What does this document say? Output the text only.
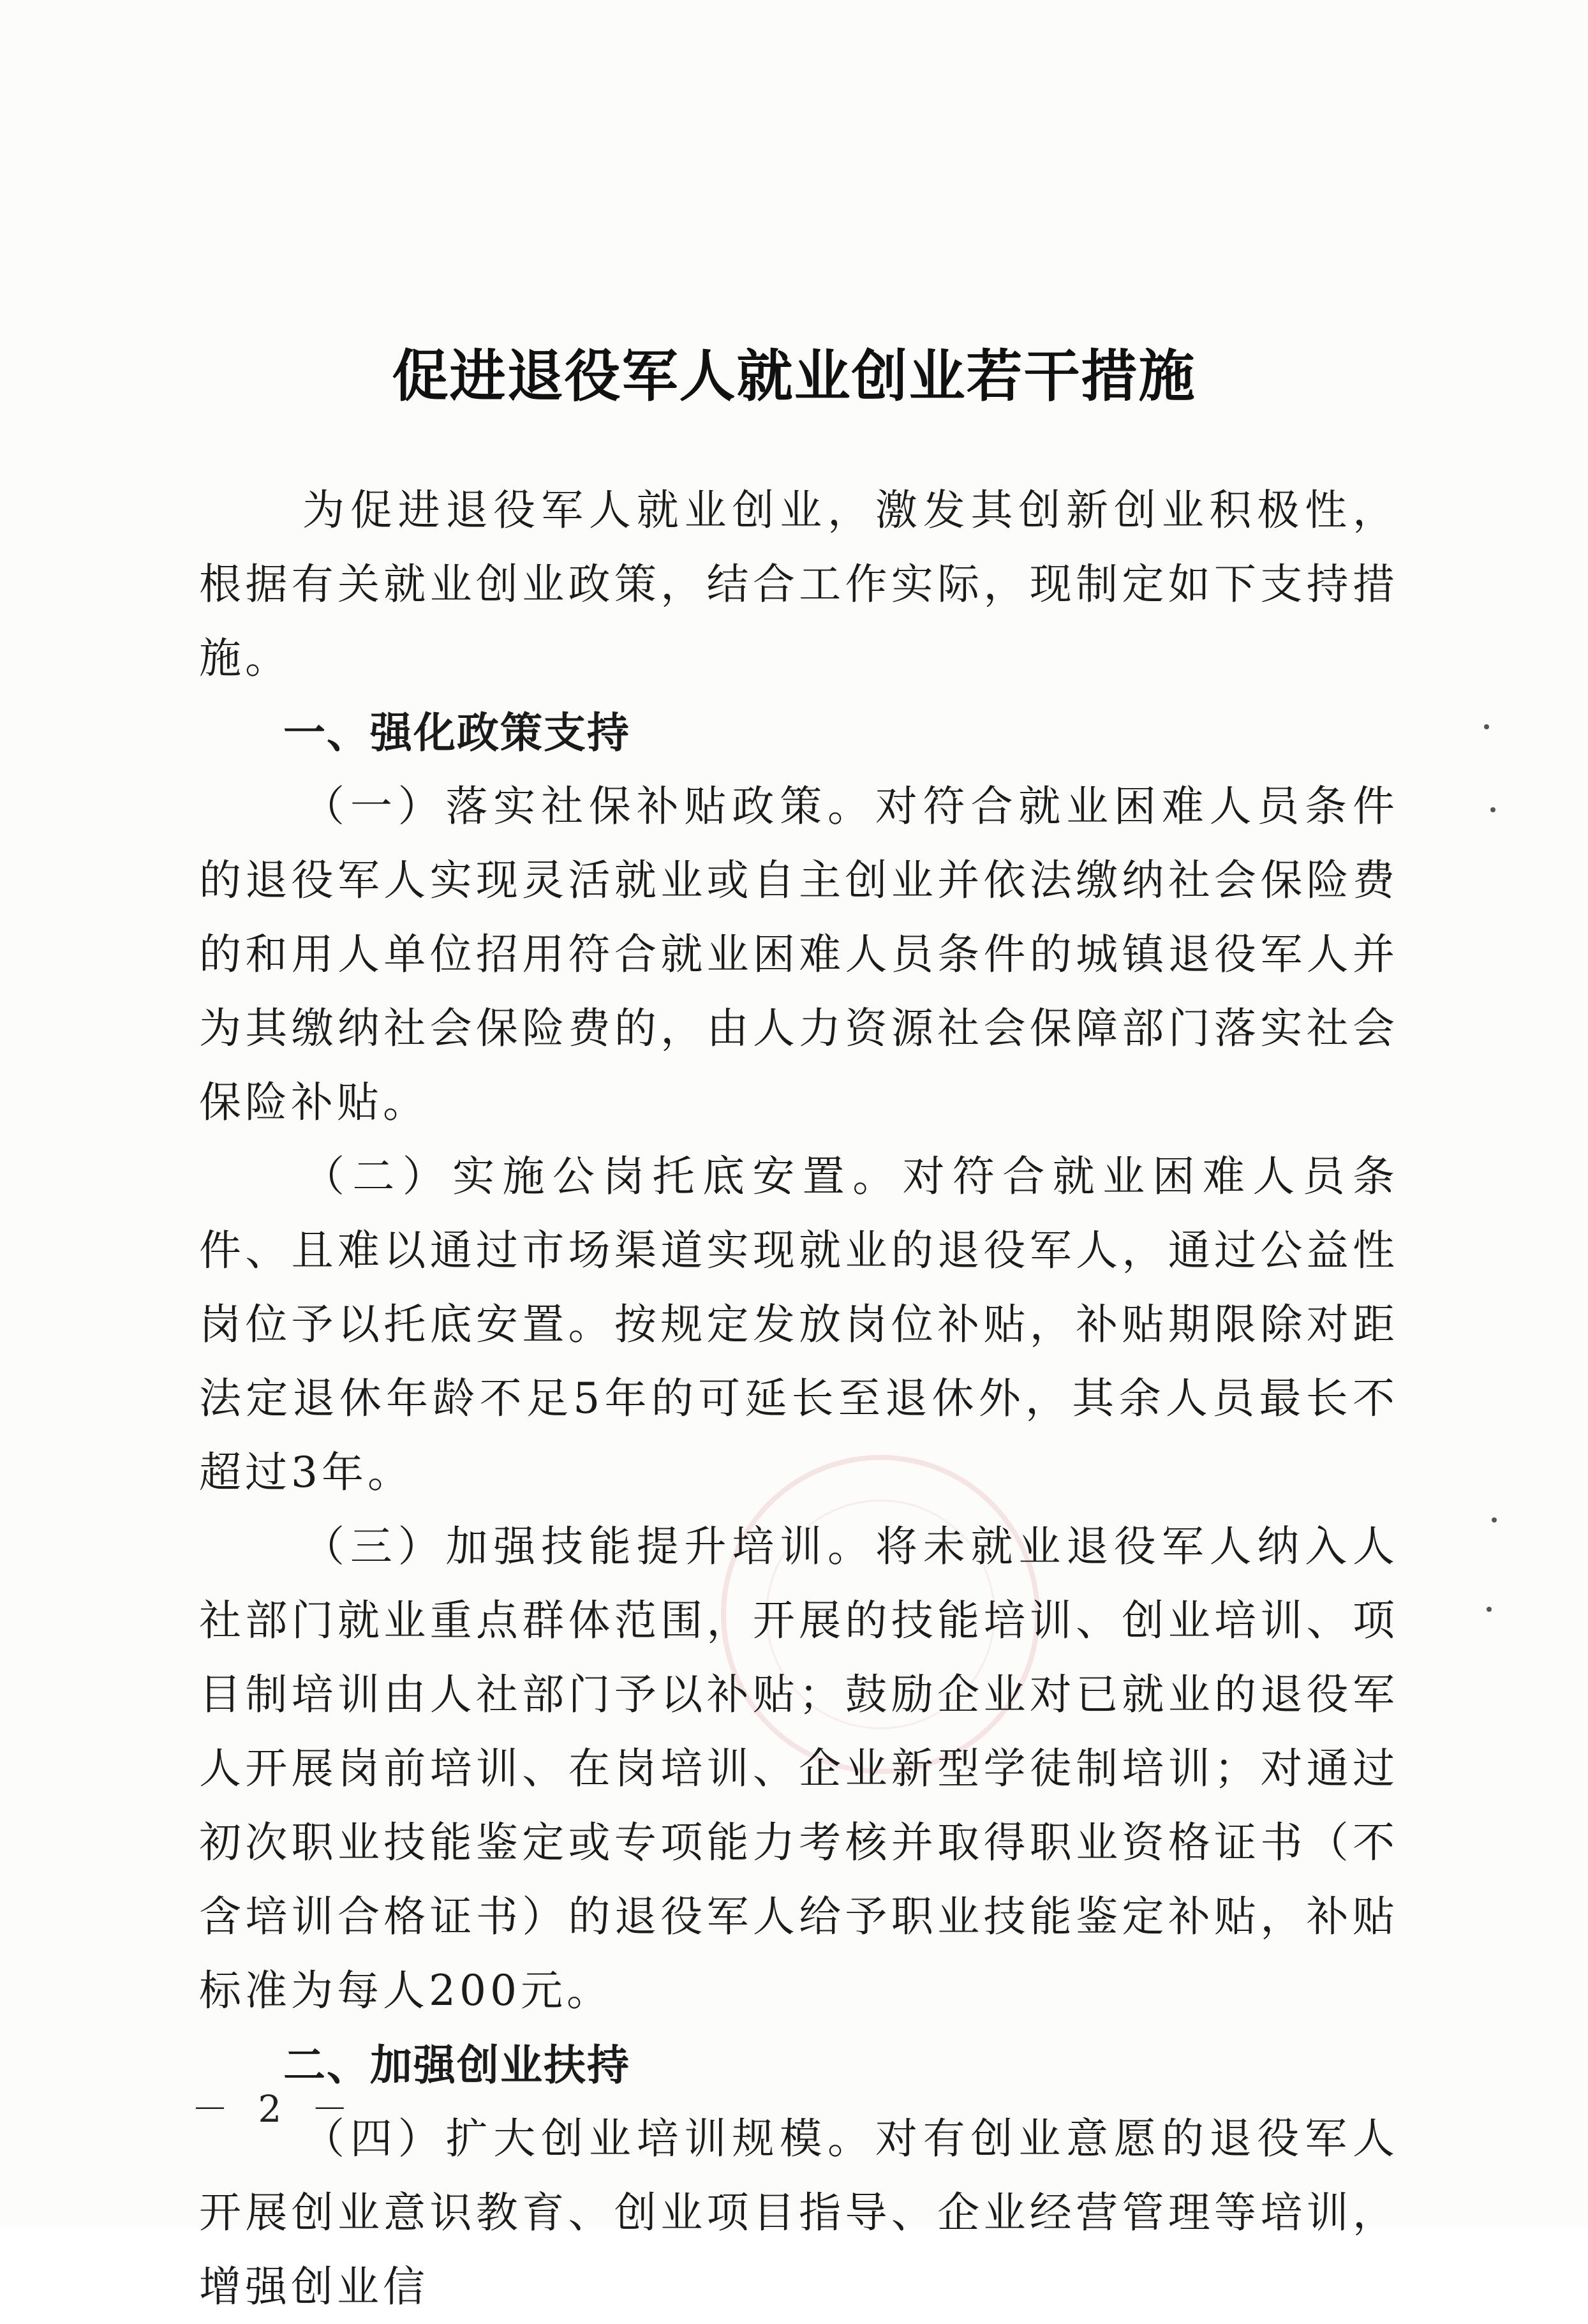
促进退役军人就业创业若干措施

为促进退役军人就业创业，激发其创新创业积极性，根据有关就业创业政策，结合工作实际，现制定如下支持措施。

一、强化政策支持

（一）落实社保补贴政策。对符合就业困难人员条件的退役军人实现灵活就业或自主创业并依法缴纳社会保险费的和用人单位招用符合就业困难人员条件的城镇退役军人并为其缴纳社会保险费的，由人力资源社会保障部门落实社会保险补贴。

（二）实施公岗托底安置。对符合就业困难人员条件、且难以通过市场渠道实现就业的退役军人，通过公益性岗位予以托底安置。按规定发放岗位补贴，补贴期限除对距法定退休年龄不足5年的可延长至退休外，其余人员最长不超过3年。

（三）加强技能提升培训。将未就业退役军人纳入人社部门就业重点群体范围，开展的技能培训、创业培训、项目制培训由人社部门予以补贴；鼓励企业对已就业的退役军人开展岗前培训、在岗培训、企业新型学徒制培训；对通过初次职业技能鉴定或专项能力考核并取得职业资格证书（不含培训合格证书）的退役军人给予职业技能鉴定补贴，补贴标准为每人200元。

二、加强创业扶持

（四）扩大创业培训规模。对有创业意愿的退役军人开展创业意识教育、创业项目指导、企业经营管理等培训，增强创业信

－ 2 －
